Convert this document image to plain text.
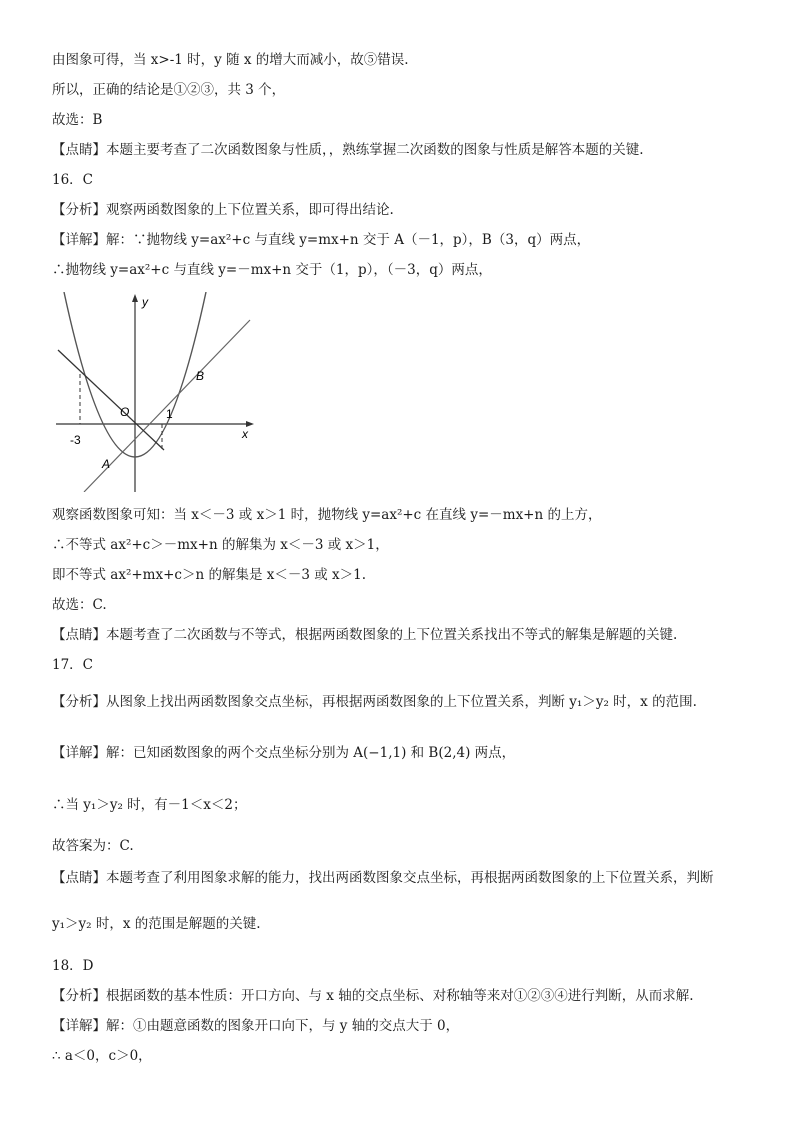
由图象可得，当 x>-1 时，y 随 x 的增大而减小，故⑤错误.
所以，正确的结论是①②③，共 3 个，
故选：B
【点睛】本题主要考查了二次函数图象与性质，，熟练掌握二次函数的图象与性质是解答本题的关键.
16．C
【分析】观察两函数图象的上下位置关系，即可得出结论.
【详解】解：∵抛物线 y=ax²+c 与直线 y=mx+n 交于 A（－1，p），B（3，q）两点，
∴抛物线 y=ax²+c 与直线 y=－mx+n 交于（1，p），（－3，q）两点，
y
x
O	1
-3
B
A
观察函数图象可知：当 x＜－3 或 x＞1 时，抛物线 y=ax²+c 在直线 y=－mx+n 的上方，
∴不等式 ax²+c＞－mx+n 的解集为 x＜－3 或 x＞1，
即不等式 ax²+mx+c＞n 的解集是 x＜－3 或 x＞1.
故选：C.
【点睛】本题考查了二次函数与不等式，根据两函数图象的上下位置关系找出不等式的解集是解题的关键.
17．C
【分析】从图象上找出两函数图象交点坐标，再根据两函数图象的上下位置关系，判断 y₁＞y₂ 时，x 的范围.
【详解】解：已知函数图象的两个交点坐标分别为 A(−1,1) 和 B(2,4) 两点，
∴当 y₁＞y₂ 时，有－1＜x＜2；
故答案为：C.
【点睛】本题考查了利用图象求解的能力，找出两函数图象交点坐标，再根据两函数图象的上下位置关系，判断
y₁＞y₂ 时，x 的范围是解题的关键.
18．D
【分析】根据函数的基本性质：开口方向、与 x 轴的交点坐标、对称轴等来对①②③④进行判断，从而求解.
【详解】解：①由题意函数的图象开口向下，与 y 轴的交点大于 0，
∴ a＜0，c＞0，
